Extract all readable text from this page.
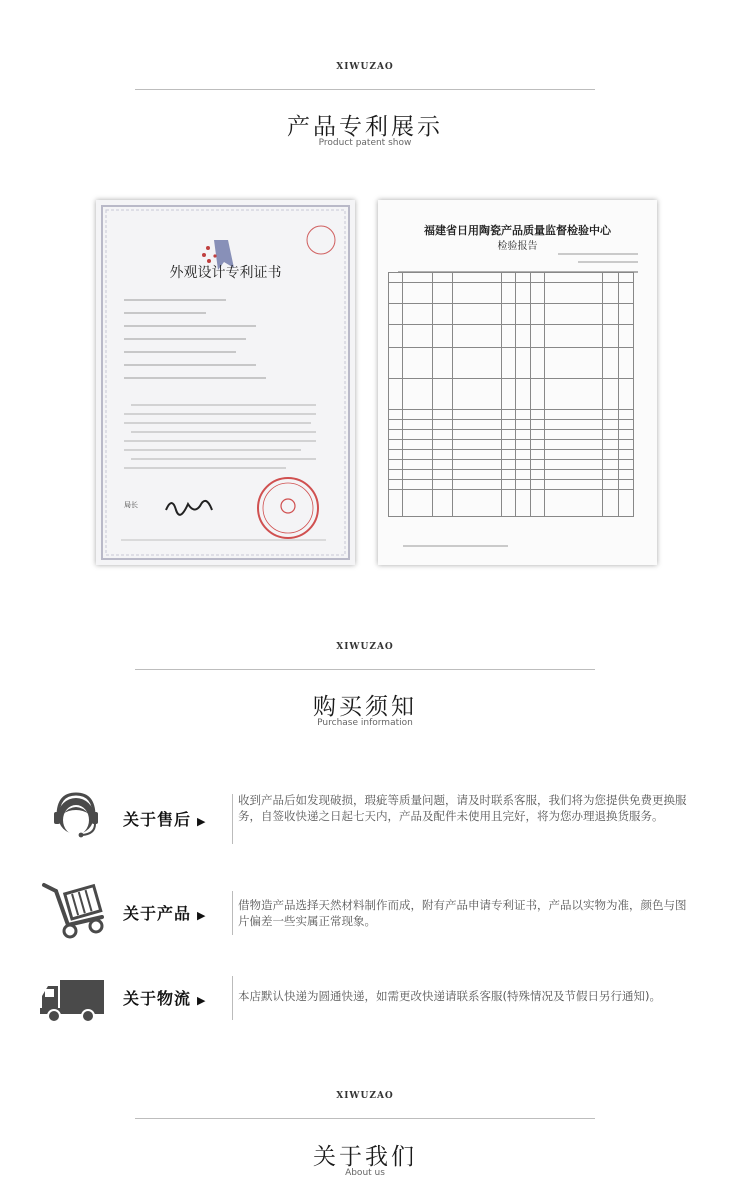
XIWUZAO
产品专利展示
Product patent show
外观设计专利证书
局长
福建省日用陶瓷产品质量监督检验中心
检验报告

XIWUZAO
购买须知
Purchase information
关于售后 ▶
收到产品后如发现破损，瑕疵等质量问题，请及时联系客服，我们将为您提供免费更换服务，自签收快递之日起七天内，产品及配件未使用且完好，将为您办理退换货服务。
关于产品 ▶
借物造产品选择天然材料制作而成，附有产品申请专利证书，产品以实物为准，颜色与图片偏差一些实属正常现象。
关于物流 ▶	本店默认快递为圆通快递，如需更改快递请联系客服(特殊情况及节假日另行通知)。
XIWUZAO
关于我们
About us
